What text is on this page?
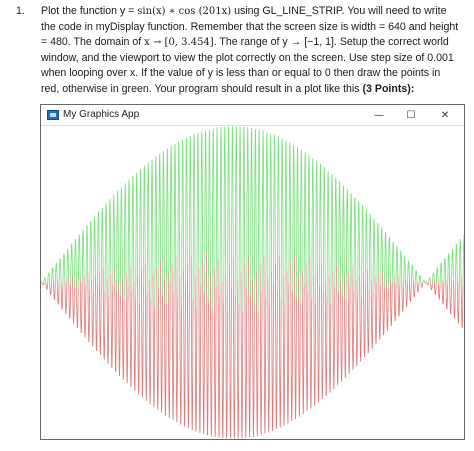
1. Plot the function y = sin(x) ∗ cos (201x) using GL_LINE_STRIP. You will need to write
the code in myDisplay function. Remember that the screen size is width = 640 and height
= 480. The domain of x → [0, 3.454]. The range of y → [−1, 1]. Setup the correct world
window, and the viewport to view the plot correctly on the screen. Use step size of 0.001
when looping over x. If the value of y is less than or equal to 0 then draw the points in
red, otherwise in green. Your program should result in a plot like this (3 Points):
My Graphics App	—	☐	✕
